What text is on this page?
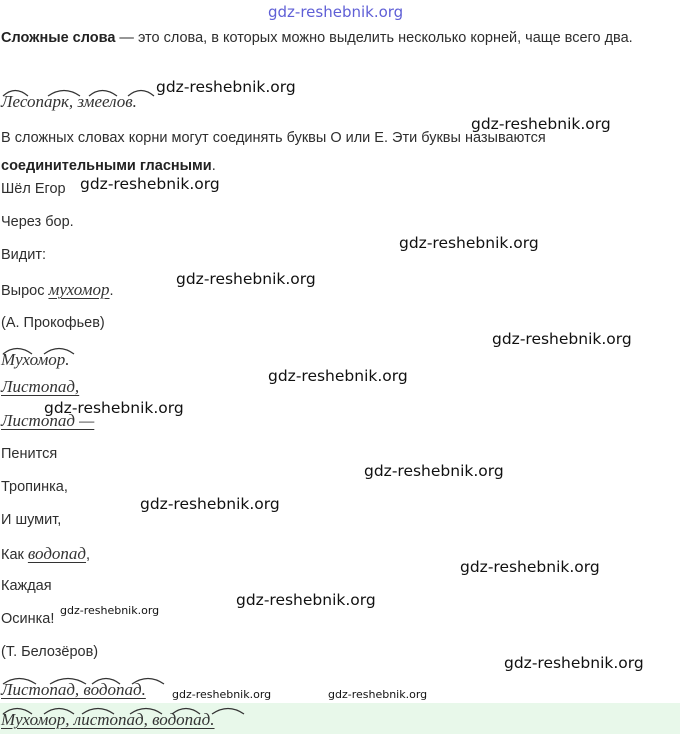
gdz-reshebnik.org
gdz-reshebnik.org
gdz-reshebnik.org
gdz-reshebnik.org
gdz-reshebnik.org
gdz-reshebnik.org
gdz-reshebnik.org
gdz-reshebnik.org
gdz-reshebnik.org
gdz-reshebnik.org
gdz-reshebnik.org
gdz-reshebnik.org
gdz-reshebnik.org
gdz-reshebnik.org
gdz-reshebnik.org
gdz-reshebnik.org	gdz-reshebnik.org
Сложные слова — это слова, в которых можно выделить несколько корней, чаще всего два.
Лесопарк, змеелов.
В сложных словах корни могут соединять буквы О или Е. Эти буквы называются соединительными гласными.
Шёл Егор
Через бор.
Видит:
Вырос мухомор.
(А. Прокофьев)
Мухомор.
Листопад,
Листопад —
Пенится
Тропинка,
И шумит,
Как водопад,
Каждая
Осинка!
(Т. Белозёров)
Листопад, водопад.
Мухомор, листопад, водопад.
